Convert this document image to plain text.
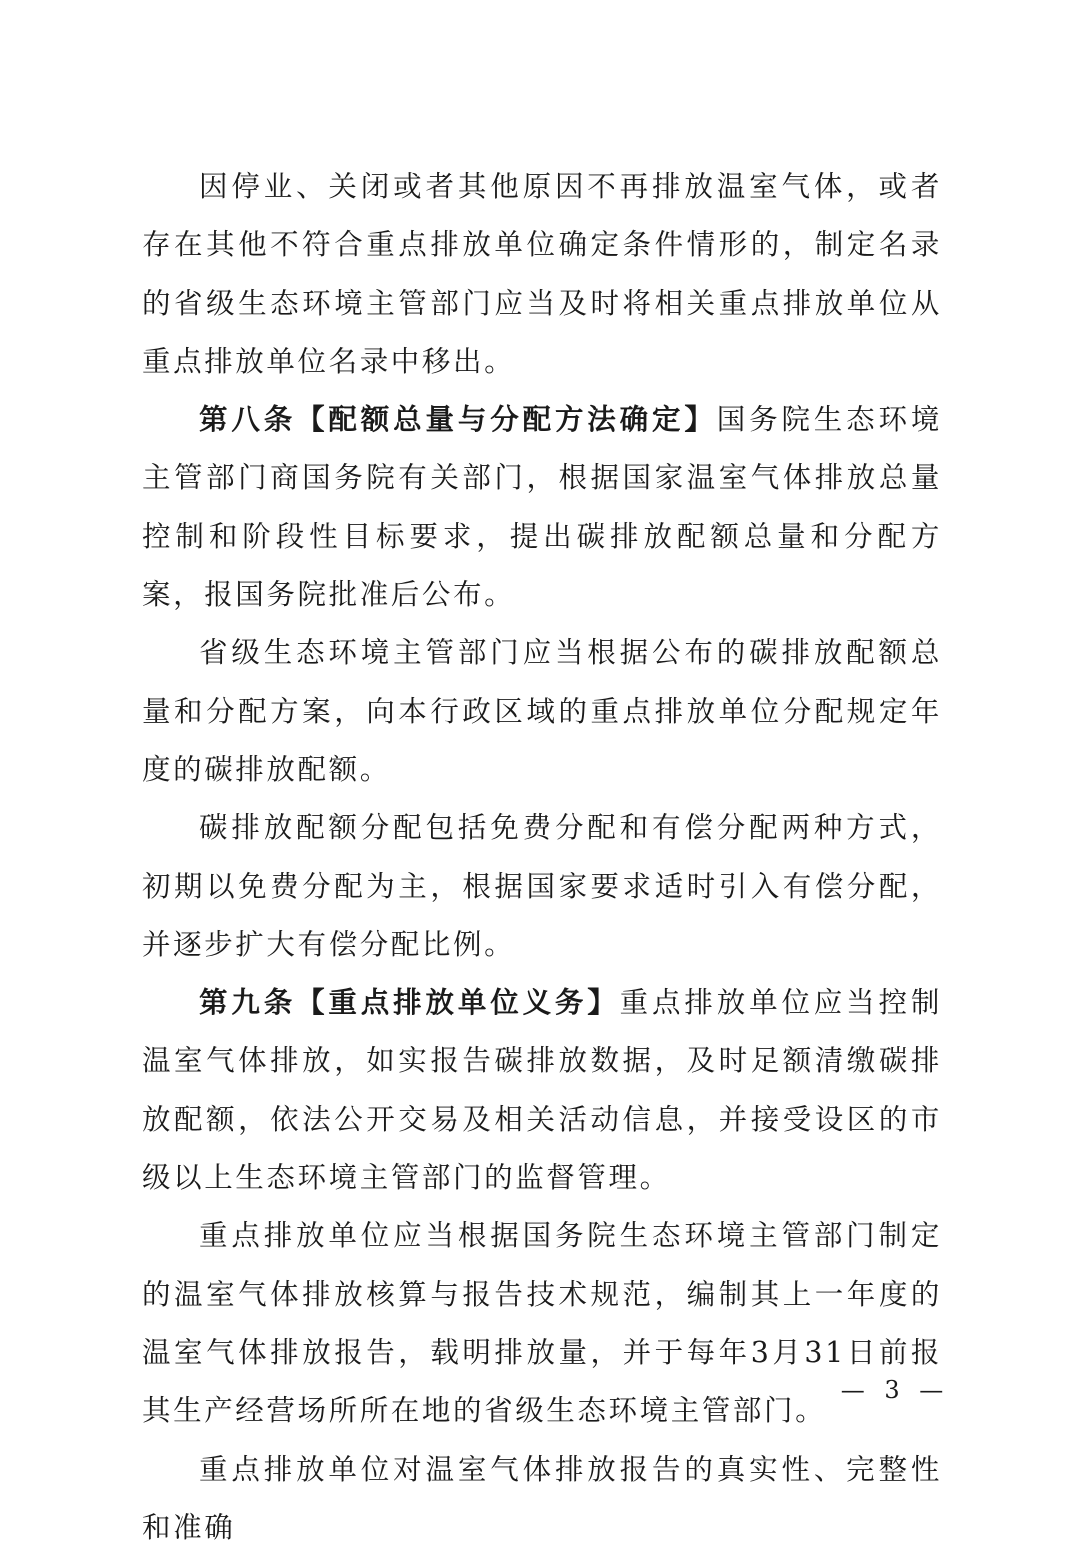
因停业、关闭或者其他原因不再排放温室气体，或者存在其他不符合重点排放单位确定条件情形的，制定名录的省级生态环境主管部门应当及时将相关重点排放单位从重点排放单位名录中移出。

第八条【配额总量与分配方法确定】国务院生态环境主管部门商国务院有关部门，根据国家温室气体排放总量控制和阶段性目标要求，提出碳排放配额总量和分配方案，报国务院批准后公布。

省级生态环境主管部门应当根据公布的碳排放配额总量和分配方案，向本行政区域的重点排放单位分配规定年度的碳排放配额。

碳排放配额分配包括免费分配和有偿分配两种方式，初期以免费分配为主，根据国家要求适时引入有偿分配，并逐步扩大有偿分配比例。

第九条【重点排放单位义务】重点排放单位应当控制温室气体排放，如实报告碳排放数据，及时足额清缴碳排放配额，依法公开交易及相关活动信息，并接受设区的市级以上生态环境主管部门的监督管理。

重点排放单位应当根据国务院生态环境主管部门制定的温室气体排放核算与报告技术规范，编制其上一年度的温室气体排放报告，载明排放量，并于每年3月31日前报其生产经营场所所在地的省级生态环境主管部门。

重点排放单位对温室气体排放报告的真实性、完整性和准确

— 3 —
